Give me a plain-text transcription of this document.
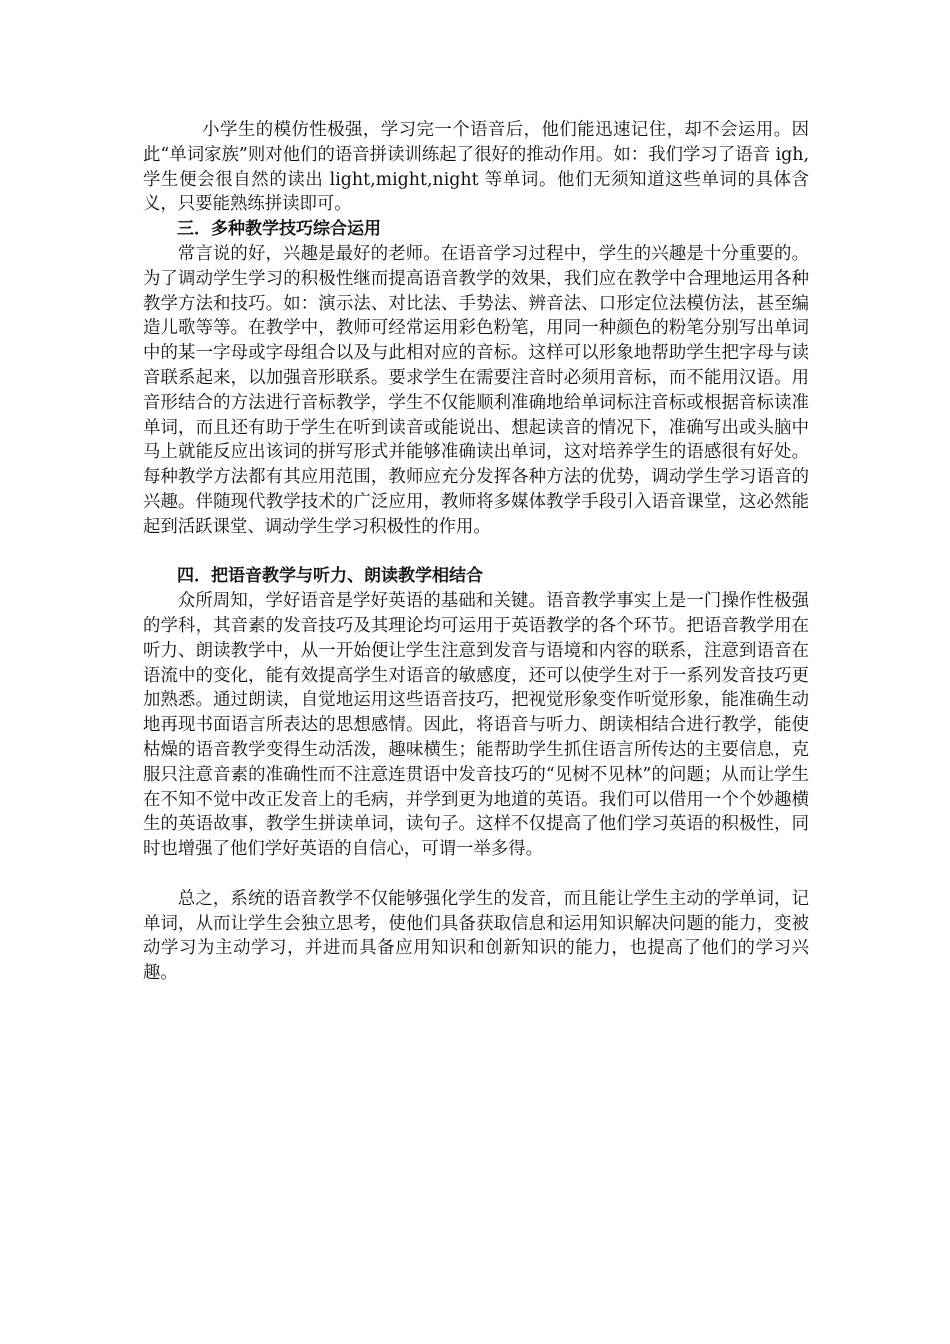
小学生的模仿性极强，学习完一个语音后，他们能迅速记住，却不会运用。因此“单词家族”则对他们的语音拼读训练起了很好的推动作用。如：我们学习了语音 igh,学生便会很自然的读出 light,might,night 等单词。他们无须知道这些单词的具体含义，只要能熟练拼读即可。

三．多种教学技巧综合运用

常言说的好，兴趣是最好的老师。在语音学习过程中，学生的兴趣是十分重要的。为了调动学生学习的积极性继而提高语音教学的效果，我们应在教学中合理地运用各种教学方法和技巧。如：演示法、对比法、手势法、辨音法、口形定位法模仿法，甚至编造儿歌等等。在教学中，教师可经常运用彩色粉笔，用同一种颜色的粉笔分别写出单词中的某一字母或字母组合以及与此相对应的音标。这样可以形象地帮助学生把字母与读音联系起来，以加强音形联系。要求学生在需要注音时必须用音标，而不能用汉语。用音形结合的方法进行音标教学，学生不仅能顺利准确地给单词标注音标或根据音标读准单词，而且还有助于学生在听到读音或能说出、想起读音的情况下，准确写出或头脑中马上就能反应出该词的拼写形式并能够准确读出单词，这对培养学生的语感很有好处。每种教学方法都有其应用范围，教师应充分发挥各种方法的优势，调动学生学习语音的兴趣。伴随现代教学技术的广泛应用，教师将多媒体教学手段引入语音课堂，这必然能起到活跃课堂、调动学生学习积极性的作用。

四．把语音教学与听力、朗读教学相结合

众所周知，学好语音是学好英语的基础和关键。语音教学事实上是一门操作性极强的学科，其音素的发音技巧及其理论均可运用于英语教学的各个环节。把语音教学用在听力、朗读教学中，从一开始便让学生注意到发音与语境和内容的联系，注意到语音在语流中的变化，能有效提高学生对语音的敏感度，还可以使学生对于一系列发音技巧更加熟悉。通过朗读，自觉地运用这些语音技巧，把视觉形象变作听觉形象，能准确生动地再现书面语言所表达的思想感情。因此，将语音与听力、朗读相结合进行教学，能使枯燥的语音教学变得生动活泼，趣味横生；能帮助学生抓住语言所传达的主要信息，克服只注意音素的准确性而不注意连贯语中发音技巧的“见树不见林”的问题；从而让学生在不知不觉中改正发音上的毛病，并学到更为地道的英语。我们可以借用一个个妙趣横生的英语故事，教学生拼读单词，读句子。这样不仅提高了他们学习英语的积极性，同时也增强了他们学好英语的自信心，可谓一举多得。

总之，系统的语音教学不仅能够强化学生的发音，而且能让学生主动的学单词，记单词，从而让学生会独立思考，使他们具备获取信息和运用知识解决问题的能力，变被动学习为主动学习，并进而具备应用知识和创新知识的能力，也提高了他们的学习兴趣。
